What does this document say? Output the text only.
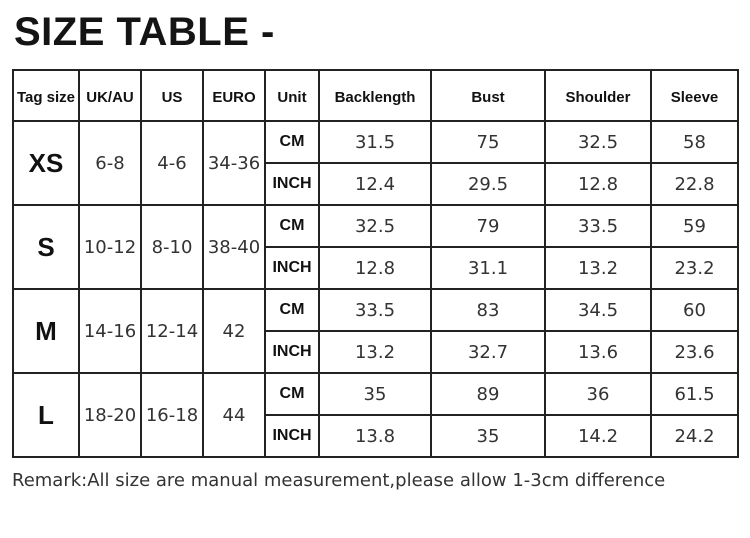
SIZE TABLE -
Tag size	UK/AU	US	EURO	Unit	Backlength	Bust	Shoulder	Sleeve
XS	6-8	4-6	34-36	CM	31.5	75	32.5	58
				INCH	12.4	29.5	12.8	22.8
S	10-12	8-10	38-40	CM	32.5	79	33.5	59
				INCH	12.8	31.1	13.2	23.2
M	14-16	12-14	42	CM	33.5	83	34.5	60
				INCH	13.2	32.7	13.6	23.6
L	18-20	16-18	44	CM	35	89	36	61.5
				INCH	13.8	35	14.2	24.2
Remark:All size are manual measurement,please allow 1-3cm difference
